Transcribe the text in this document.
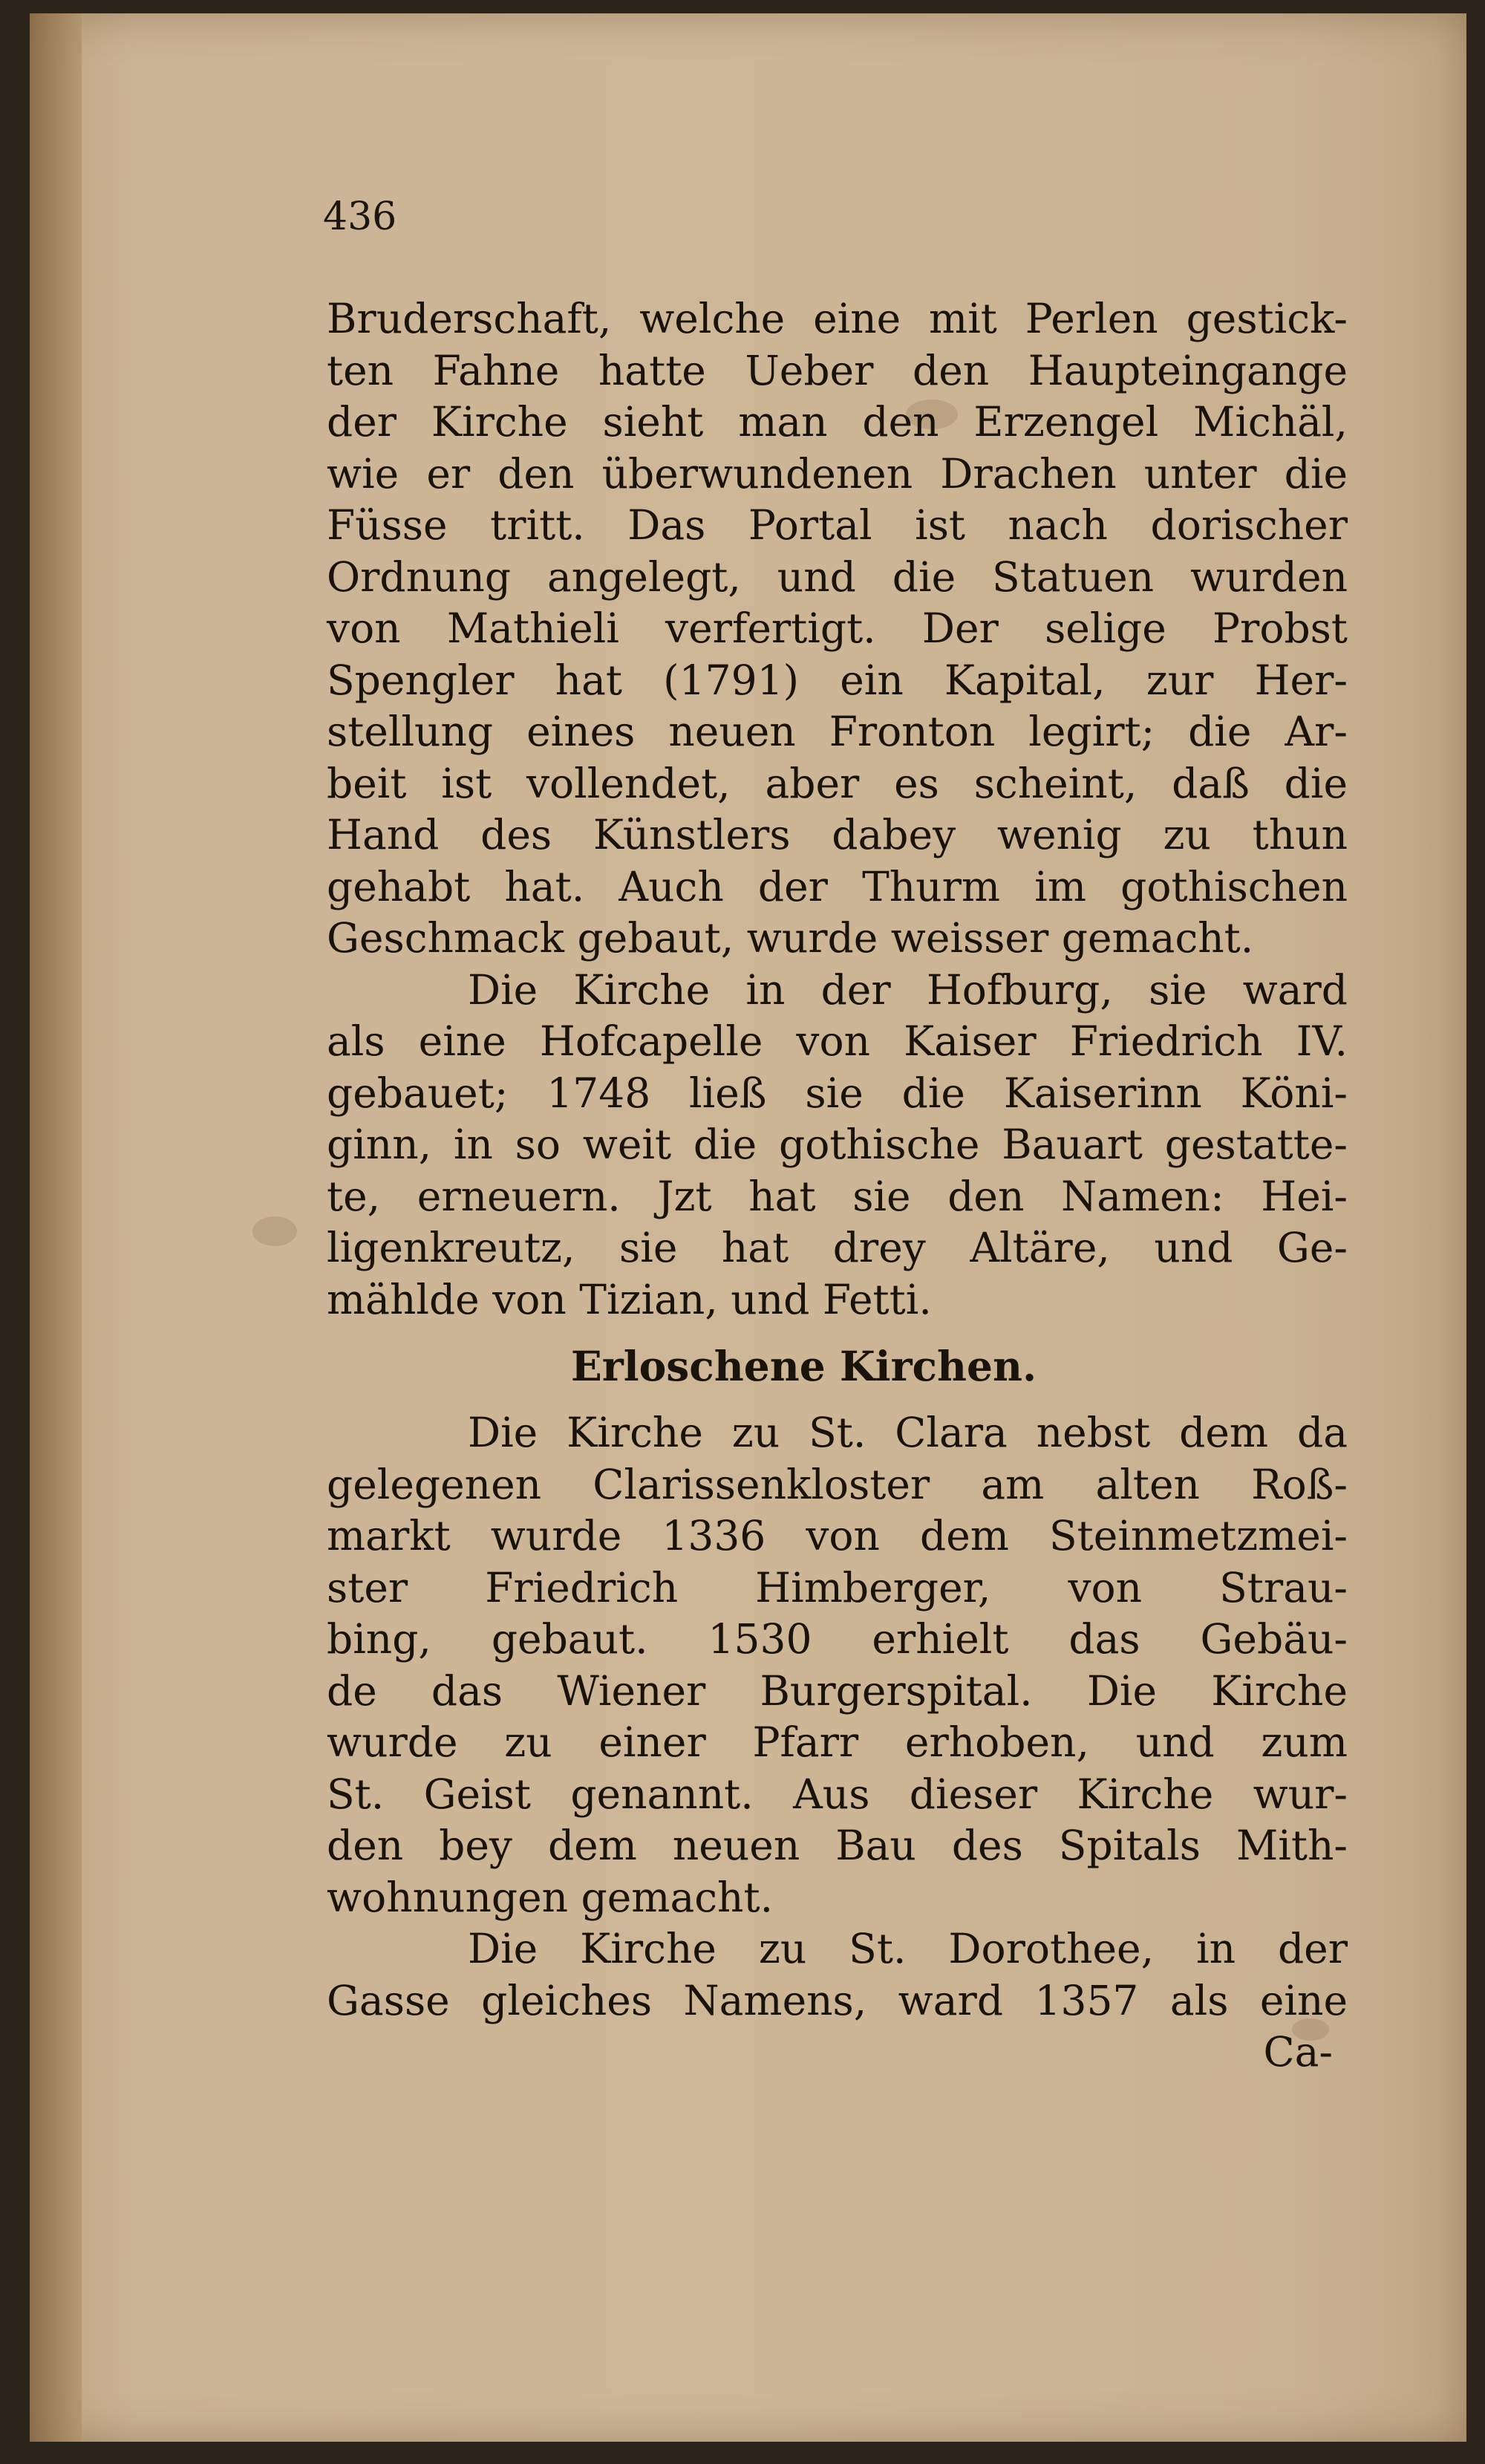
436
Bruderschaft, welche eine mit Perlen gestick-
ten Fahne hatte Ueber den Haupteingange
der Kirche sieht man den Erzengel Michäl,
wie er den überwundenen Drachen unter die
Füsse tritt. Das Portal ist nach dorischer
Ordnung angelegt, und die Statuen wurden
von Mathieli verfertigt. Der selige Probst
Spengler hat (1791) ein Kapital, zur Her-
stellung eines neuen Fronton legirt; die Ar-
beit ist vollendet, aber es scheint, daß die
Hand des Künstlers dabey wenig zu thun
gehabt hat. Auch der Thurm im gothischen
Geschmack gebaut, wurde weisser gemacht.
Die Kirche in der Hofburg, sie ward
als eine Hofcapelle von Kaiser Friedrich IV.
gebauet; 1748 ließ sie die Kaiserinn Köni-
ginn, in so weit die gothische Bauart gestatte-
te, erneuern. Jzt hat sie den Namen: Hei-
ligenkreutz, sie hat drey Altäre, und Ge-
mählde von Tizian, und Fetti.
Erloschene Kirchen.
Die Kirche zu St. Clara nebst dem da
gelegenen Clarissenkloster am alten Roß-
markt wurde 1336 von dem Steinmetzmei-
ster Friedrich Himberger, von Strau-
bing, gebaut. 1530 erhielt das Gebäu-
de das Wiener Burgerspital. Die Kirche
wurde zu einer Pfarr erhoben, und zum
St. Geist genannt. Aus dieser Kirche wur-
den bey dem neuen Bau des Spitals Mith-
wohnungen gemacht.
Die Kirche zu St. Dorothee, in der
Gasse gleiches Namens, ward 1357 als eine
Ca-
